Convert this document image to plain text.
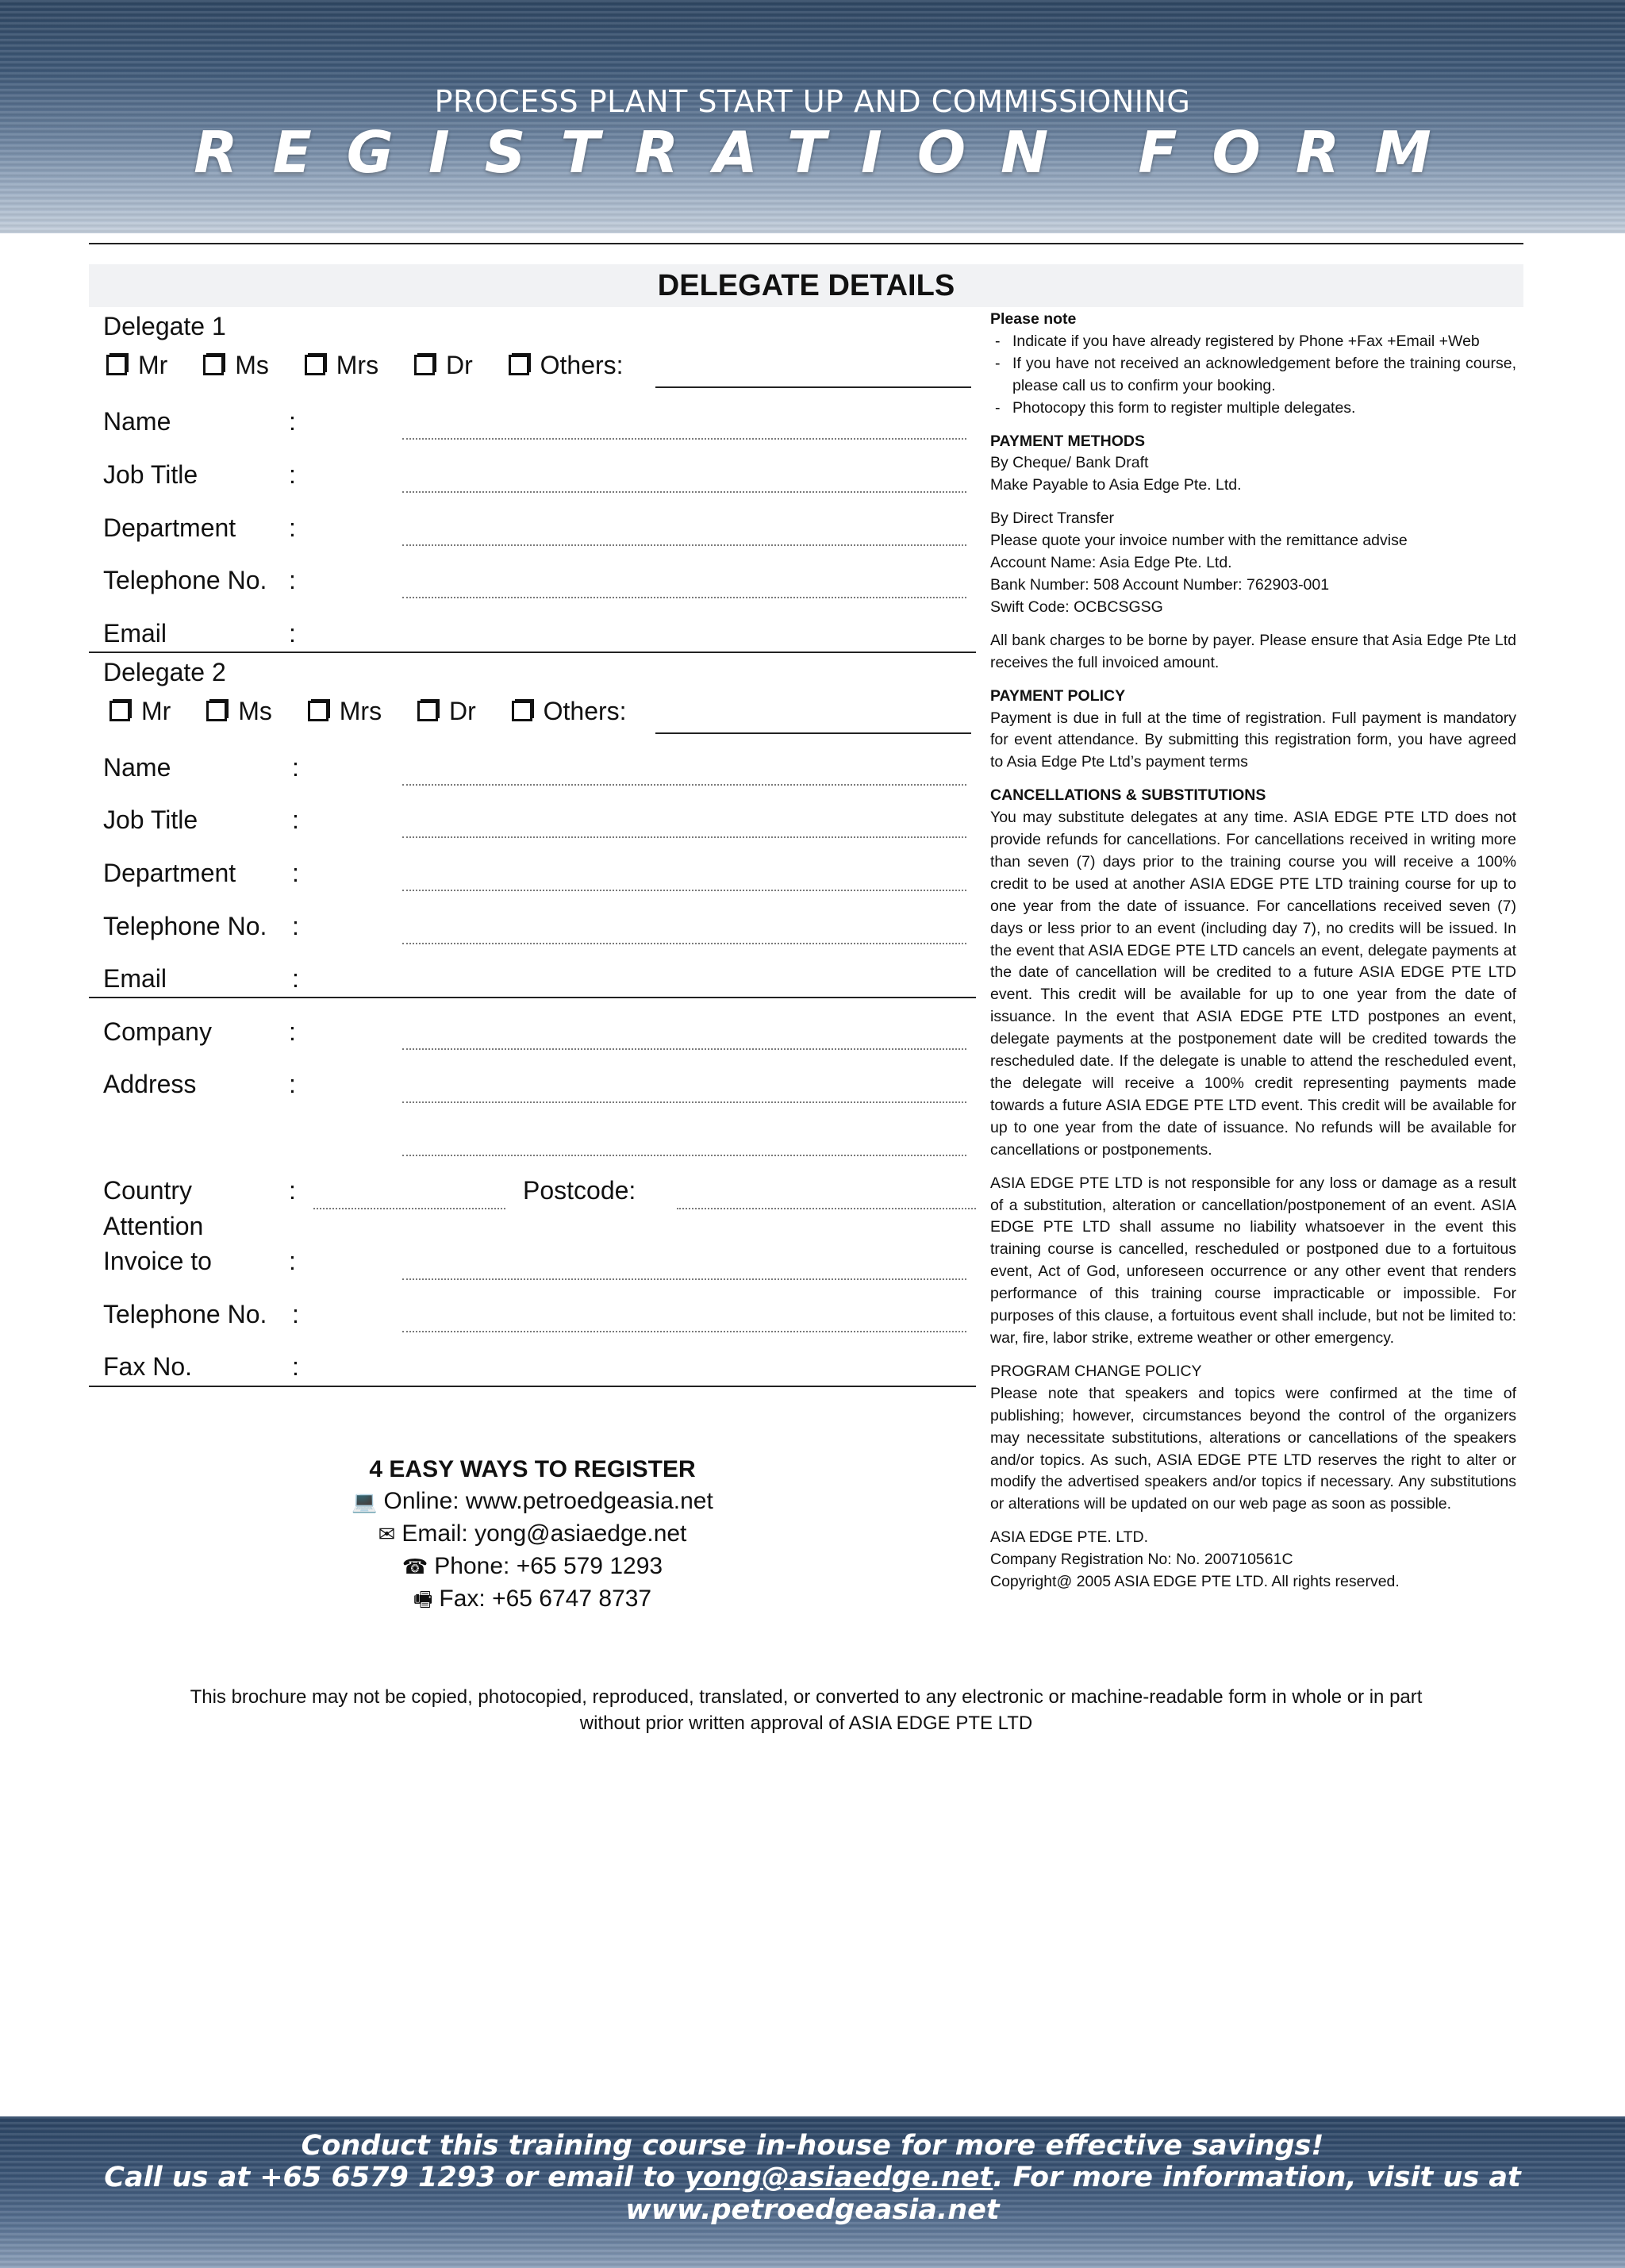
PROCESS PLANT START UP AND COMMISSIONING
REGISTRATION FORM
DELEGATE DETAILS
Delegate 1
Mr	Ms	Mrs	Dr	Others:
Name	:
Job Title	:
Department :
Telephone No. :
Email	:
Delegate 2
Mr	Ms	Mrs	Dr	Others:
Name	:
Job Title	:
Department :
Telephone No. :
Email	:
Company	:
Address	:
Country	:	Postcode:
Attention
Invoice to	:
Telephone No. :
Fax No.	:
4 EASY WAYS TO REGISTER
💻 Online: www.petroedgeasia.net
✉ Email: yong@asiaedge.net
☎ Phone: +65 579 1293
🖷 Fax: +65 6747 8737
This brochure may not be copied, photocopied, reproduced, translated, or converted to any electronic or machine-readable form in whole or in part
without prior written approval of ASIA EDGE PTE LTD
Please note
- Indicate if you have already registered by Phone +Fax +Email +Web
- If you have not received an acknowledgement before the training course, please call us to confirm your booking.
- Photocopy this form to register multiple delegates.
PAYMENT METHODS
By Cheque/ Bank Draft
Make Payable to Asia Edge Pte. Ltd.
By Direct Transfer
Please quote your invoice number with the remittance advise
Account Name: Asia Edge Pte. Ltd.
Bank Number: 508 Account Number: 762903-001
Swift Code: OCBCSGSG

All bank charges to be borne by payer. Please ensure that Asia Edge Pte Ltd receives the full invoiced amount.

PAYMENT POLICY

Payment is due in full at the time of registration. Full payment is mandatory for event attendance. By submitting this registration form, you have agreed to Asia Edge Pte Ltd’s payment terms

CANCELLATIONS & SUBSTITUTIONS

You may substitute delegates at any time. ASIA EDGE PTE LTD does not provide refunds for cancellations. For cancellations received in writing more than seven (7) days prior to the training course you will receive a 100% credit to be used at another ASIA EDGE PTE LTD training course for up to one year from the date of issuance. For cancellations received seven (7) days or less prior to an event (including day 7), no credits will be issued. In the event that ASIA EDGE PTE LTD cancels an event, delegate payments at the date of cancellation will be credited to a future ASIA EDGE PTE LTD event. This credit will be available for up to one year from the date of issuance. In the event that ASIA EDGE PTE LTD postpones an event, delegate payments at the postponement date will be credited towards the rescheduled date. If the delegate is unable to attend the rescheduled event, the delegate will receive a 100% credit representing payments made towards a future ASIA EDGE PTE LTD event. This credit will be available for up to one year from the date of issuance. No refunds will be available for cancellations or postponements.

ASIA EDGE PTE LTD is not responsible for any loss or damage as a result of a substitution, alteration or cancellation/postponement of an event. ASIA EDGE PTE LTD shall assume no liability whatsoever in the event this training course is cancelled, rescheduled or postponed due to a fortuitous event, Act of God, unforeseen occurrence or any other event that renders performance of this training course impracticable or impossible. For purposes of this clause, a fortuitous event shall include, but not be limited to: war, fire, labor strike, extreme weather or other emergency.

PROGRAM CHANGE POLICY

Please note that speakers and topics were confirmed at the time of publishing; however, circumstances beyond the control of the organizers may necessitate substitutions, alterations or cancellations of the speakers and/or topics. As such, ASIA EDGE PTE LTD reserves the right to alter or modify the advertised speakers and/or topics if necessary. Any substitutions or alterations will be updated on our web page as soon as possible.

ASIA EDGE PTE. LTD.
Company Registration No: No. 200710561C
Copyright@ 2005 ASIA EDGE PTE LTD. All rights reserved.
Conduct this training course in-house for more effective savings!
Call us at +65 6579 1293 or email to yong@asiaedge.net. For more information, visit us at
www.petroedgeasia.net
